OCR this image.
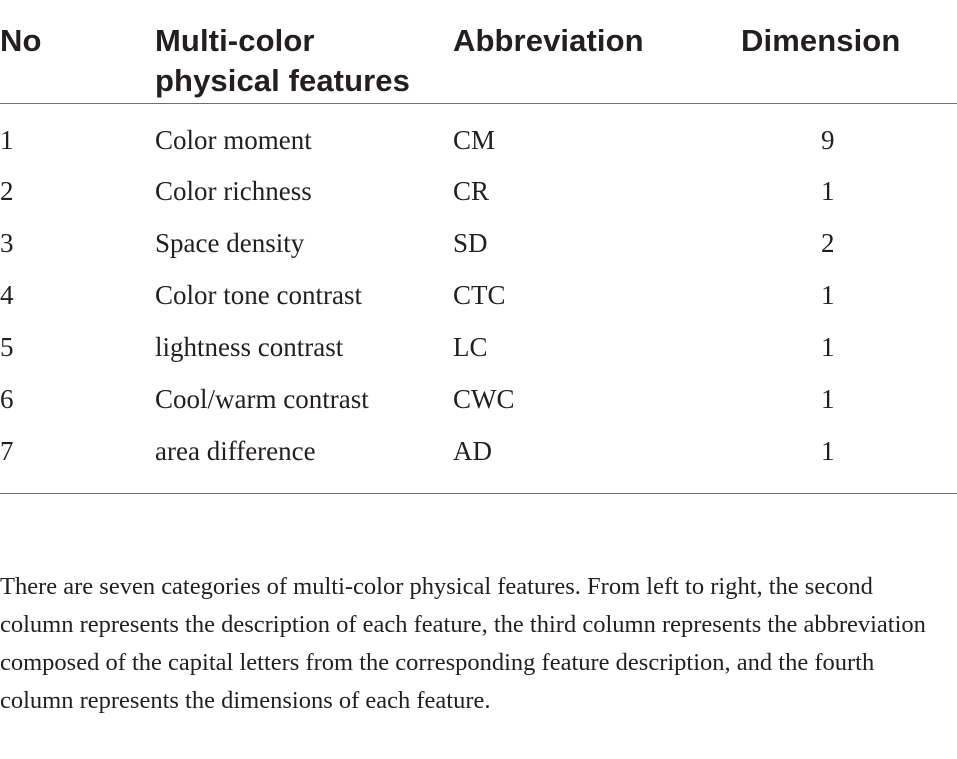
No	Multi-color
physical features	Abbreviation	Dimension

1	Color moment	CM	9
2	Color richness	CR	1
3	Space density	SD	2
4	Color tone contrast	CTC	1
5	lightness contrast	LC	1
6	Cool/warm contrast	CWC	1
7	area difference	AD	1

There are seven categories of multi-color physical features. From left to right, the second column represents the description of each feature, the third column represents the abbreviation composed of the capital letters from the corresponding feature description, and the fourth column represents the dimensions of each feature.
